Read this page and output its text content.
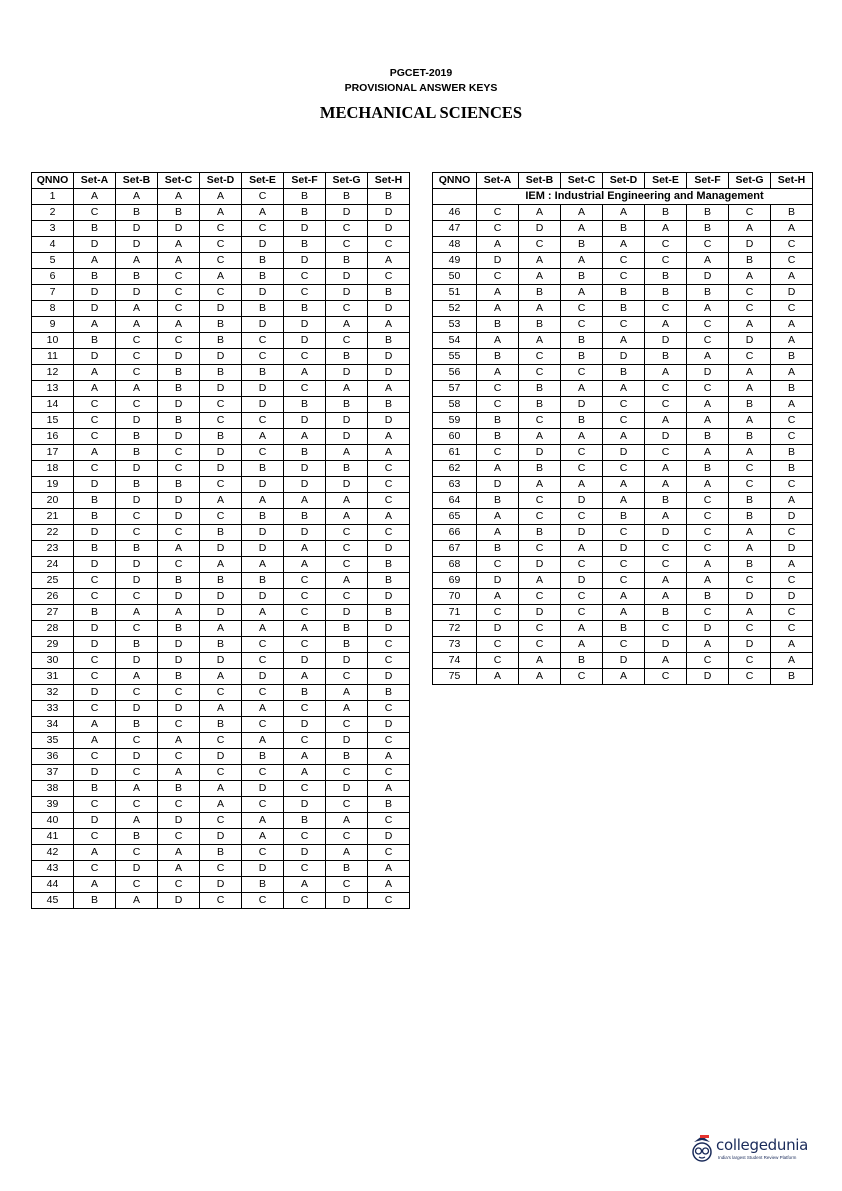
PGCET-2019
PROVISIONAL ANSWER KEYS
MECHANICAL SCIENCES
QNNO	Set-A	Set-B	Set-C	Set-D	Set-E	Set-F	Set-G	Set-H
1	A	A	A	A	C	B	B	B
2	C	B	B	A	A	B	D	D
3	B	D	D	C	C	D	C	D
4	D	D	A	C	D	B	C	C
5	A	A	A	C	B	D	B	A
6	B	B	C	A	B	C	D	C
7	D	D	C	C	D	C	D	B
8	D	A	C	D	B	B	C	D
9	A	A	A	B	D	D	A	A
10	B	C	C	B	C	D	C	B
11	D	C	D	D	C	C	B	D
12	A	C	B	B	B	A	D	D
13	A	A	B	D	D	C	A	A
14	C	C	D	C	D	B	B	B
15	C	D	B	C	C	D	D	D
16	C	B	D	B	A	A	D	A
17	A	B	C	D	C	B	A	A
18	C	D	C	D	B	D	B	C
19	D	B	B	C	D	D	D	C
20	B	D	D	A	A	A	A	C
21	B	C	D	C	B	B	A	A
22	D	C	C	B	D	D	C	C
23	B	B	A	D	D	A	C	D
24	D	D	C	A	A	A	C	B
25	C	D	B	B	B	C	A	B
26	C	C	D	D	D	C	C	D
27	B	A	A	D	A	C	D	B
28	D	C	B	A	A	A	B	D
29	D	B	D	B	C	C	B	C
30	C	D	D	D	C	D	D	C
31	C	A	B	A	D	A	C	D
32	D	C	C	C	C	B	A	B
33	C	D	D	A	A	C	A	C
34	A	B	C	B	C	D	C	D
35	A	C	A	C	A	C	D	C
36	C	D	C	D	B	A	B	A
37	D	C	A	C	C	A	C	C
38	B	A	B	A	D	C	D	A
39	C	C	C	A	C	D	C	B
40	D	A	D	C	A	B	A	C
41	C	B	C	D	A	C	C	D
42	A	C	A	B	C	D	A	C
43	C	D	A	C	D	C	B	A
44	A	C	C	D	B	A	C	A
45	B	A	D	C	C	C	D	C
QNNO	Set-A	Set-B	Set-C	Set-D	Set-E	Set-F	Set-G	Set-H
	IEM : Industrial Engineering and Management							
46	C	A	A	A	B	B	C	B
47	C	D	A	B	A	B	A	A
48	A	C	B	A	C	C	D	C
49	D	A	A	C	C	A	B	C
50	C	A	B	C	B	D	A	A
51	A	B	A	B	B	B	C	D
52	A	A	C	B	C	A	C	C
53	B	B	C	C	A	C	A	A
54	A	A	B	A	D	C	D	A
55	B	C	B	D	B	A	C	B
56	A	C	C	B	A	D	A	A
57	C	B	A	A	C	C	A	B
58	C	B	D	C	C	A	B	A
59	B	C	B	C	A	A	A	C
60	B	A	A	A	D	B	B	C
61	C	D	C	D	C	A	A	B
62	A	B	C	C	A	B	C	B
63	D	A	A	A	A	A	C	C
64	B	C	D	A	B	C	B	A
65	A	C	C	B	A	C	B	D
66	A	B	D	C	D	C	A	C
67	B	C	A	D	C	C	A	D
68	C	D	C	C	C	A	B	A
69	D	A	D	C	A	A	C	C
70	A	C	C	A	A	B	D	D
71	C	D	C	A	B	C	A	C
72	D	C	A	B	C	D	C	C
73	C	C	A	C	D	A	D	A
74	C	A	B	D	A	C	C	A
75	A	A	C	A	C	D	C	B
collegedunia
India's largest Student Review Platform
